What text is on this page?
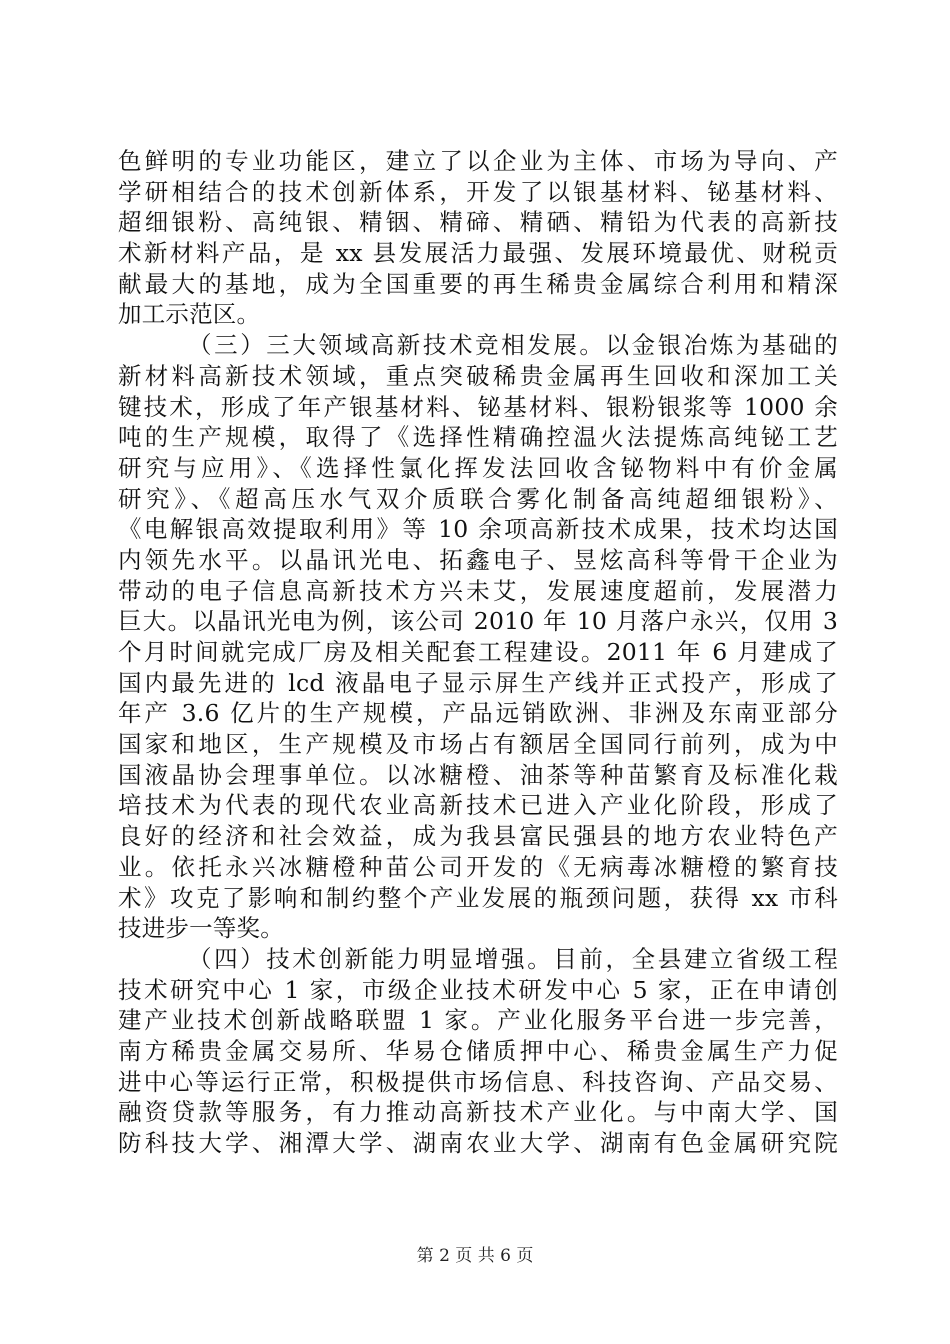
色鲜明的专业功能区，建立了以企业为主体、市场为导向、产
学研相结合的技术创新体系，开发了以银基材料、铋基材料、
超细银粉、高纯银、精铟、精碲、精硒、精铅为代表的高新技
术新材料产品，是 xx 县发展活力最强、发展环境最优、财税贡
献最大的基地，成为全国重要的再生稀贵金属综合利用和精深
加工示范区。
（三）三大领域高新技术竞相发展。以金银冶炼为基础的
新材料高新技术领域，重点突破稀贵金属再生回收和深加工关
键技术，形成了年产银基材料、铋基材料、银粉银浆等 1000 余
吨的生产规模，取得了《选择性精确控温火法提炼高纯铋工艺
研究与应用》、《选择性氯化挥发法回收含铋物料中有价金属
研究》、《超高压水气双介质联合雾化制备高纯超细银粉》、
《电解银高效提取利用》等 10 余项高新技术成果，技术均达国
内领先水平。以晶讯光电、拓鑫电子、昱炫高科等骨干企业为
带动的电子信息高新技术方兴未艾，发展速度超前，发展潜力
巨大。以晶讯光电为例，该公司 2010 年 10 月落户永兴，仅用 3
个月时间就完成厂房及相关配套工程建设。2011 年 6 月建成了
国内最先进的 lcd 液晶电子显示屏生产线并正式投产，形成了
年产 3.6 亿片的生产规模，产品远销欧洲、非洲及东南亚部分
国家和地区，生产规模及市场占有额居全国同行前列，成为中
国液晶协会理事单位。以冰糖橙、油茶等种苗繁育及标准化栽
培技术为代表的现代农业高新技术已进入产业化阶段，形成了
良好的经济和社会效益，成为我县富民强县的地方农业特色产
业。依托永兴冰糖橙种苗公司开发的《无病毒冰糖橙的繁育技
术》攻克了影响和制约整个产业发展的瓶颈问题，获得 xx 市科
技进步一等奖。
（四）技术创新能力明显增强。目前，全县建立省级工程
技术研究中心 1 家，市级企业技术研发中心 5 家，正在申请创
建产业技术创新战略联盟 1 家。产业化服务平台进一步完善，
南方稀贵金属交易所、华易仓储质押中心、稀贵金属生产力促
进中心等运行正常，积极提供市场信息、科技咨询、产品交易、
融资贷款等服务，有力推动高新技术产业化。与中南大学、国
防科技大学、湘潭大学、湖南农业大学、湖南有色金属研究院
第 2 页 共 6 页
